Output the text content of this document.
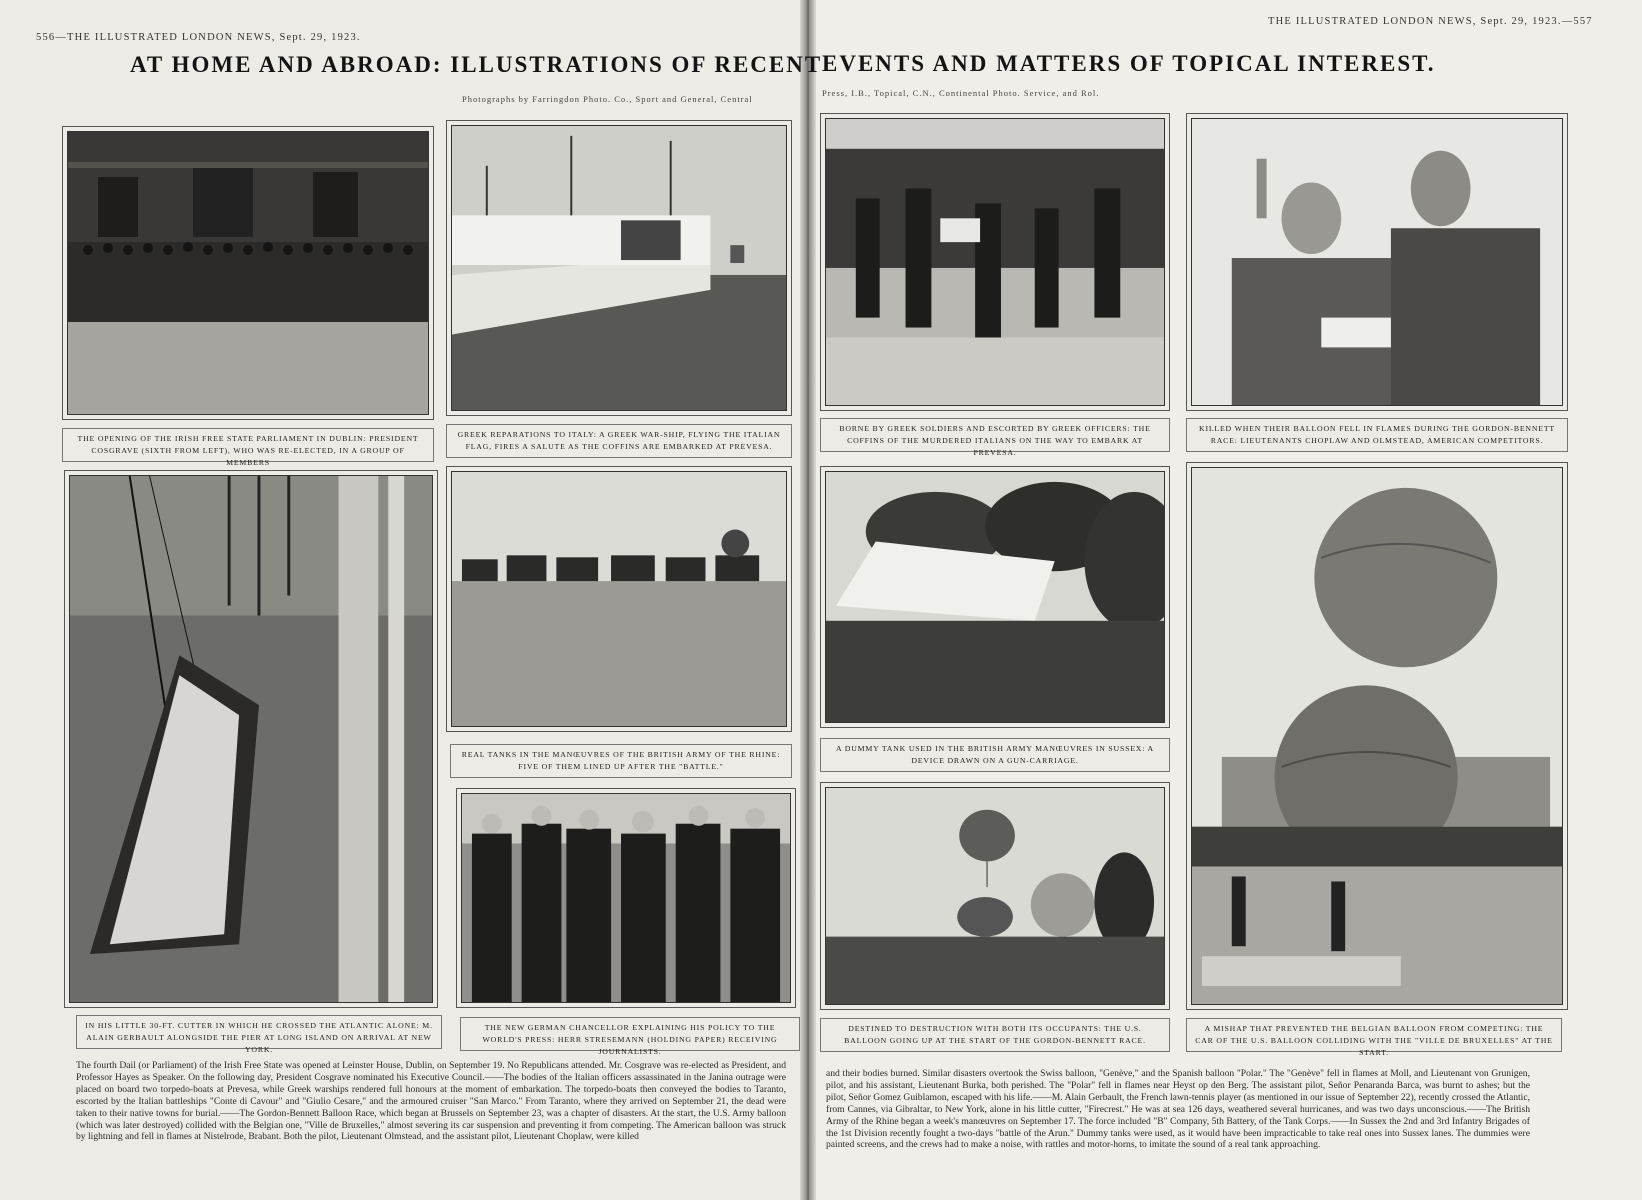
556—THE ILLUSTRATED LONDON NEWS, Sept. 29, 1923.
THE ILLUSTRATED LONDON NEWS, Sept. 29, 1923.—557
AT HOME AND ABROAD: ILLUSTRATIONS OF RECENT EVENTS AND MATTERS OF TOPICAL INTEREST.
Photographs by Farringdon Photo. Co., Sport and General, Central
Press, I.B., Topical, C.N., Continental Photo. Service, and Rol.
THE OPENING OF THE IRISH FREE STATE PARLIAMENT IN DUBLIN: PRESIDENT COSGRAVE (SIXTH FROM LEFT), WHO WAS RE-ELECTED, IN A GROUP OF MEMBERS
GREEK REPARATIONS TO ITALY: A GREEK WAR-SHIP, FLYING THE ITALIAN FLAG, FIRES A SALUTE AS THE COFFINS ARE EMBARKED AT PREVESA.
BORNE BY GREEK SOLDIERS AND ESCORTED BY GREEK OFFICERS: THE COFFINS OF THE MURDERED ITALIANS ON THE WAY TO EMBARK AT PREVESA.
KILLED WHEN THEIR BALLOON FELL IN FLAMES DURING THE GORDON-BENNETT RACE: LIEUTENANTS CHOPLAW AND OLMSTEAD, AMERICAN COMPETITORS.
IN HIS LITTLE 30-FT. CUTTER IN WHICH HE CROSSED THE ATLANTIC ALONE: M. ALAIN GERBAULT ALONGSIDE THE PIER AT LONG ISLAND ON ARRIVAL AT NEW YORK.
REAL TANKS IN THE MANŒUVRES OF THE BRITISH ARMY OF THE RHINE: FIVE OF THEM LINED UP AFTER THE "BATTLE."
THE NEW GERMAN CHANCELLOR EXPLAINING HIS POLICY TO THE WORLD'S PRESS: HERR STRESEMANN (HOLDING PAPER) RECEIVING JOURNALISTS.
A DUMMY TANK USED IN THE BRITISH ARMY MANŒUVRES IN SUSSEX: A DEVICE DRAWN ON A GUN-CARRIAGE.
DESTINED TO DESTRUCTION WITH BOTH ITS OCCUPANTS: THE U.S. BALLOON GOING UP AT THE START OF THE GORDON-BENNETT RACE.
A MISHAP THAT PREVENTED THE BELGIAN BALLOON FROM COMPETING: THE CAR OF THE U.S. BALLOON COLLIDING WITH THE "VILLE DE BRUXELLES" AT THE START.
The fourth Dail (or Parliament) of the Irish Free State was opened at Leinster House, Dublin, on September 19. No Republicans attended. Mr. Cosgrave was re-elected as President, and Professor Hayes as Speaker. On the following day, President Cosgrave nominated his Executive Council.——The bodies of the Italian officers assassinated in the Janina outrage were placed on board two torpedo-boats at Prevesa, while Greek warships rendered full honours at the moment of embarkation. The torpedo-boats then conveyed the bodies to Taranto, escorted by the Italian battleships "Conte di Cavour" and "Giulio Cesare," and the armoured cruiser "San Marco." From Taranto, where they arrived on September 21, the dead were taken to their native towns for burial.——The Gordon-Bennett Balloon Race, which began at Brussels on September 23, was a chapter of disasters. At the start, the U.S. Army balloon (which was later destroyed) collided with the Belgian one, "Ville de Bruxelles," almost severing its car suspension and preventing it from competing. The American balloon was struck by lightning and fell in flames at Nistelrode, Brabant. Both the pilot, Lieutenant Olmstead, and the assistant pilot, Lieutenant Choplaw, were killed
and their bodies burned. Similar disasters overtook the Swiss balloon, "Genève," and the Spanish balloon "Polar." The "Genève" fell in flames at Moll, and Lieutenant von Grunigen, pilot, and his assistant, Lieutenant Burka, both perished. The "Polar" fell in flames near Heyst op den Berg. The assistant pilot, Señor Penaranda Barca, was burnt to ashes; but the pilot, Señor Gomez Guiblamon, escaped with his life.——M. Alain Gerbault, the French lawn-tennis player (as mentioned in our issue of September 22), recently crossed the Atlantic, from Cannes, via Gibraltar, to New York, alone in his little cutter, "Firecrest." He was at sea 126 days, weathered several hurricanes, and was two days unconscious.——The British Army of the Rhine began a week's manœuvres on September 17. The force included "B" Company, 5th Battery, of the Tank Corps.——In Sussex the 2nd and 3rd Infantry Brigades of the 1st Division recently fought a two-days "battle of the Arun." Dummy tanks were used, as it would have been impracticable to take real ones into Sussex lanes. The dummies were painted screens, and the crews had to make a noise, with rattles and motor-horns, to imitate the sound of a real tank approaching.
